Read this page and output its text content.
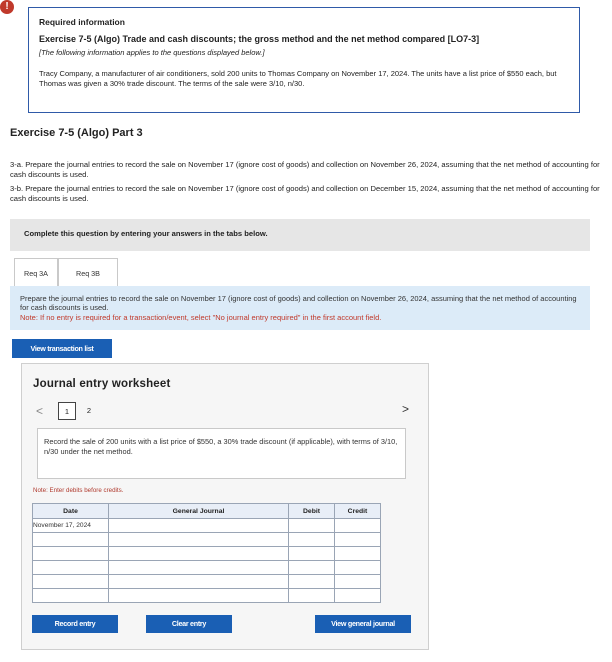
!

Required information

Exercise 7-5 (Algo) Trade and cash discounts; the gross method and the net method compared [LO7-3]

[The following information applies to the questions displayed below.]

Tracy Company, a manufacturer of air conditioners, sold 200 units to Thomas Company on November 17, 2024. The units have a list price of $550 each, but Thomas was given a 30% trade discount. The terms of the sale were 3/10, n/30.

Exercise 7-5 (Algo) Part 3

3-a. Prepare the journal entries to record the sale on November 17 (ignore cost of goods) and collection on November 26, 2024, assuming that the net method of accounting for cash discounts is used.

3-b. Prepare the journal entries to record the sale on November 17 (ignore cost of goods) and collection on December 15, 2024, assuming that the net method of accounting for cash discounts is used.

Complete this question by entering your answers in the tabs below.
Req 3A	Req 3B

Prepare the journal entries to record the sale on November 17 (ignore cost of goods) and collection on November 26, 2024, assuming that the net method of accounting for cash discounts is used.

Note: If no entry is required for a transaction/event, select "No journal entry required" in the first account field.

View transaction list
Journal entry worksheet
<	1	2	>
Record the sale of 200 units with a list price of $550, a 30% trade discount (if applicable), with terms of 3/10, n/30 under the net method.

Note: Enter debits before credits.

Date	General Journal	Debit	Credit
November 17, 2024			

Record entry	Clear entry	View general journal
